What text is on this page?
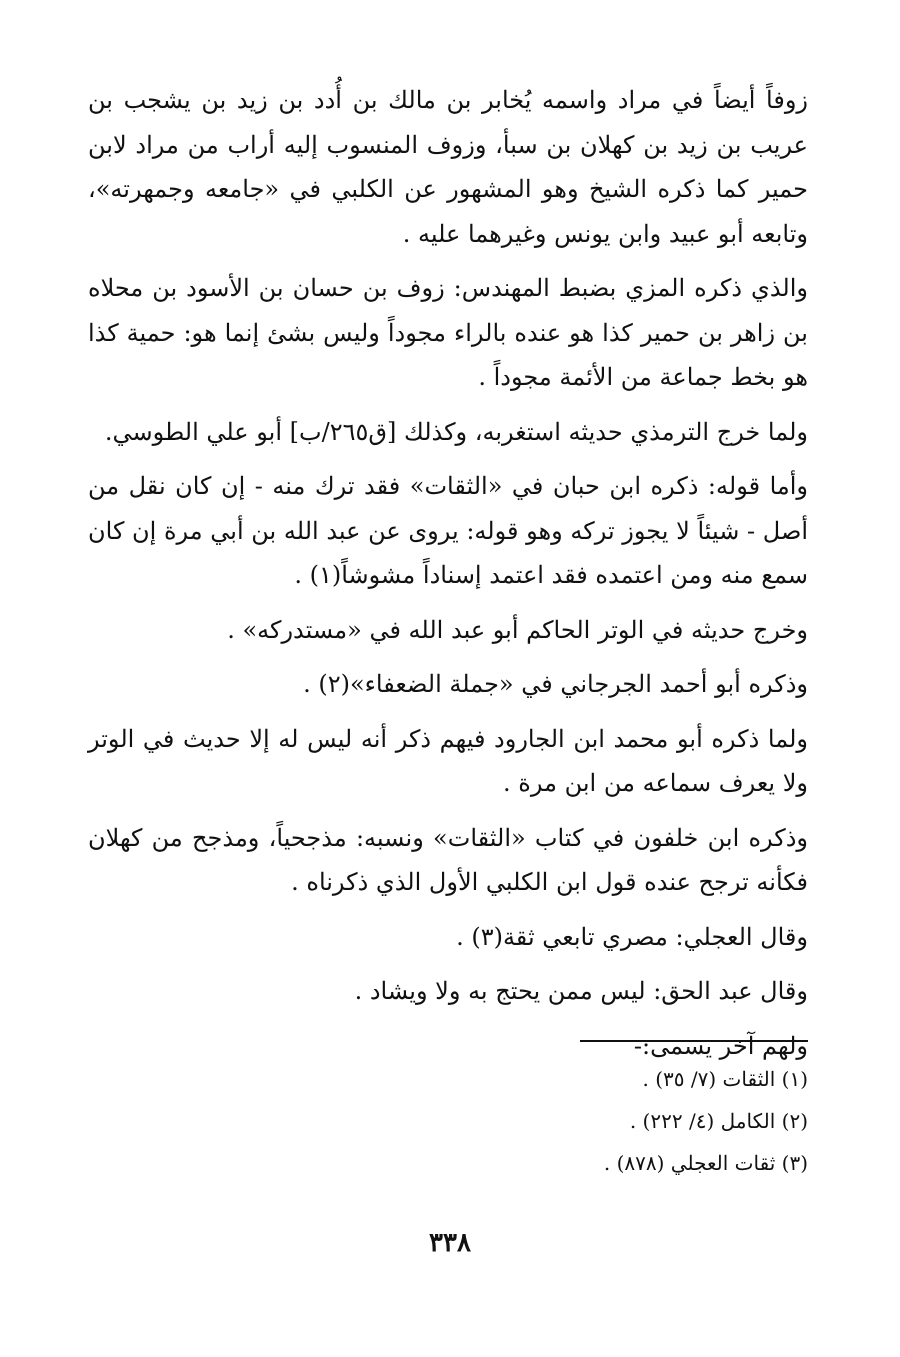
زوفاً أيضاً في مراد واسمه يُخابر بن مالك بن أُدد بن زيد بن يشجب بن عريب بن زيد بن كهلان بن سبأ، وزوف المنسوب إليه أراب من مراد لابن حمير كما ذكره الشيخ وهو المشهور عن الكلبي في «جامعه وجمهرته»، وتابعه أبو عبيد وابن يونس وغيرهما عليه .

والذي ذكره المزي بضبط المهندس: زوف بن حسان بن الأسود بن محلاه بن زاهر بن حمير كذا هو عنده بالراء مجوداً وليس بشئ إنما هو: حمية كذا هو بخط جماعة من الأئمة مجوداً .

ولما خرج الترمذي حديثه استغربه، وكذلك [ق٢٦٥/ب] أبو علي الطوسي.

وأما قوله: ذكره ابن حبان في «الثقات» فقد ترك منه - إن كان نقل من أصل - شيئاً لا يجوز تركه وهو قوله: يروى عن عبد الله بن أبي مرة إن كان سمع منه ومن اعتمده فقد اعتمد إسناداً مشوشاً(١) .

وخرج حديثه في الوتر الحاكم أبو عبد الله في «مستدركه» .

وذكره أبو أحمد الجرجاني في «جملة الضعفاء»(٢) .

ولما ذكره أبو محمد ابن الجارود فيهم ذكر أنه ليس له إلا حديث في الوتر ولا يعرف سماعه من ابن مرة .

وذكره ابن خلفون في كتاب «الثقات» ونسبه: مذجحياً، ومذجح من كهلان فكأنه ترجح عنده قول ابن الكلبي الأول الذي ذكرناه .

وقال العجلي: مصري تابعي ثقة(٣) .

وقال عبد الحق: ليس ممن يحتج به ولا ويشاد .

ولهم آخر يسمى:-

(١) الثقات (٧/ ٣٥) .

(٢) الكامل (٤/ ٢٢٢) .

(٣) ثقات العجلي (٨٧٨) .

٣٣٨
